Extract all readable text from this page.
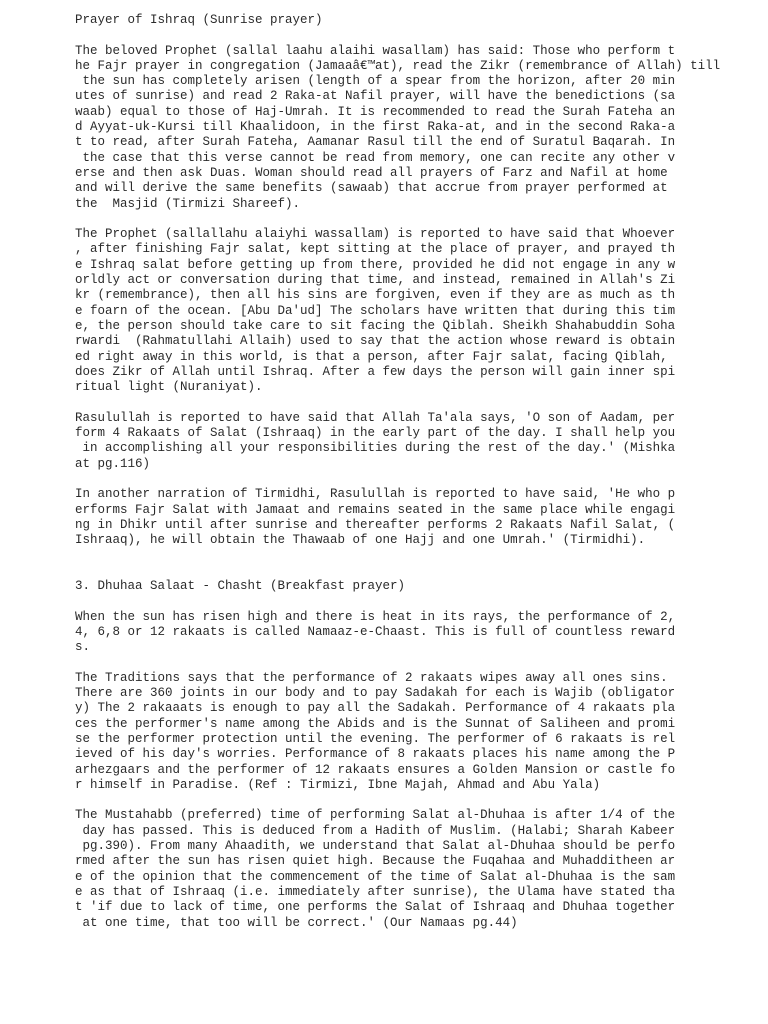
Prayer of Ishraq (Sunrise prayer)
The beloved Prophet (sallal laahu alaihi wasallam) has said: Those who perform t
he Fajr prayer in congregation (Jamaaâ€™at), read the Zikr (remembrance of Allah) till
the sun has completely arisen (length of a spear from the horizon, after 20 min
utes of sunrise) and read 2 Raka-at Nafil prayer, will have the benedictions (sa
waab) equal to those of Haj-Umrah. It is recommended to read the Surah Fateha an
d Ayyat-uk-Kursi till Khaalidoon, in the first Raka-at, and in the second Raka-a
t to read, after Surah Fateha, Aamanar Rasul till the end of Suratul Baqarah. In
the case that this verse cannot be read from memory, one can recite any other v
erse and then ask Duas. Woman should read all prayers of Farz and Nafil at home
and will derive the same benefits (sawaab) that accrue from prayer performed at
the  Masjid (Tirmizi Shareef).
The Prophet (sallallahu alaiyhi wassallam) is reported to have said that Whoever
, after finishing Fajr salat, kept sitting at the place of prayer, and prayed th
e Ishraq salat before getting up from there, provided he did not engage in any w
orldly act or conversation during that time, and instead, remained in Allah's Zi
kr (remembrance), then all his sins are forgiven, even if they are as much as th
e foarn of the ocean. [Abu Da'ud] The scholars have written that during this tim
e, the person should take care to sit facing the Qiblah. Sheikh Shahabuddin Soha
rwardi  (Rahmatullahi Allaih) used to say that the action whose reward is obtain
ed right away in this world, is that a person, after Fajr salat, facing Qiblah,
does Zikr of Allah until Ishraq. After a few days the person will gain inner spi
ritual light (Nuraniyat).
Rasulullah is reported to have said that Allah Ta'ala says, 'O son of Aadam, per
form 4 Rakaats of Salat (Ishraaq) in the early part of the day. I shall help you
in accomplishing all your responsibilities during the rest of the day.' (Mishka
at pg.116)
In another narration of Tirmidhi, Rasulullah is reported to have said, 'He who p
erforms Fajr Salat with Jamaat and remains seated in the same place while engagi
ng in Dhikr until after sunrise and thereafter performs 2 Rakaats Nafil Salat, (
Ishraaq), he will obtain the Thawaab of one Hajj and one Umrah.' (Tirmidhi).
3. Dhuhaa Salaat - Chasht (Breakfast prayer)
When the sun has risen high and there is heat in its rays, the performance of 2,
4, 6,8 or 12 rakaats is called Namaaz-e-Chaast. This is full of countless reward
s.
The Traditions says that the performance of 2 rakaats wipes away all ones sins.
There are 360 joints in our body and to pay Sadakah for each is Wajib (obligator
y) The 2 rakaaats is enough to pay all the Sadakah. Performance of 4 rakaats pla
ces the performer's name among the Abids and is the Sunnat of Saliheen and promi
se the performer protection until the evening. The performer of 6 rakaats is rel
ieved of his day's worries. Performance of 8 rakaats places his name among the P
arhezgaars and the performer of 12 rakaats ensures a Golden Mansion or castle fo
r himself in Paradise. (Ref : Tirmizi, Ibne Majah, Ahmad and Abu Yala)
The Mustahabb (preferred) time of performing Salat al-Dhuhaa is after 1/4 of the
day has passed. This is deduced from a Hadith of Muslim. (Halabi; Sharah Kabeer
pg.390). From many Ahaadith, we understand that Salat al-Dhuhaa should be perfo
rmed after the sun has risen quiet high. Because the Fuqahaa and Muhadditheen ar
e of the opinion that the commencement of the time of Salat al-Dhuhaa is the sam
e as that of Ishraaq (i.e. immediately after sunrise), the Ulama have stated tha
t 'if due to lack of time, one performs the Salat of Ishraaq and Dhuhaa together
at one time, that too will be correct.' (Our Namaas pg.44)
